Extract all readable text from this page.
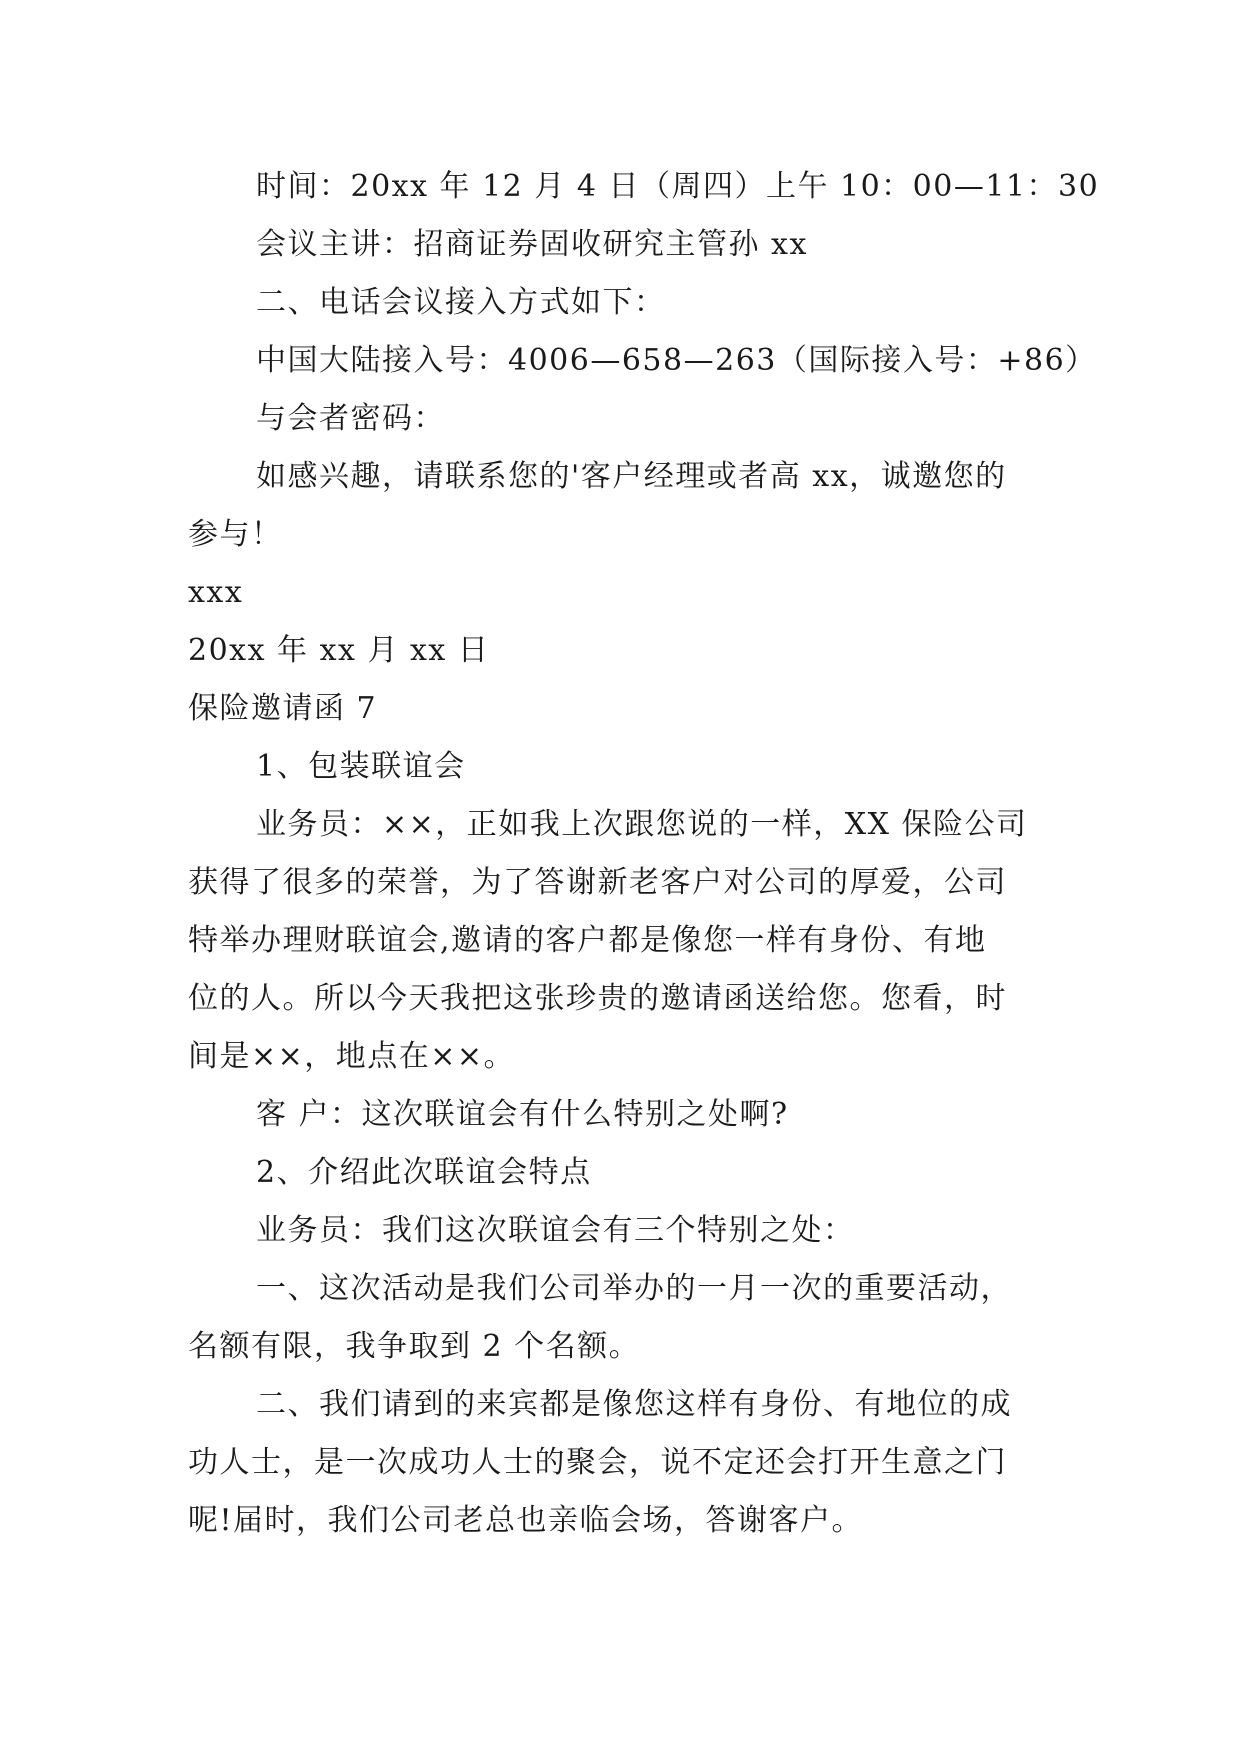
时间：20xx 年 12 月 4 日（周四）上午 10：00—11：30
会议主讲：招商证券固收研究主管孙 xx
二、电话会议接入方式如下：
中国大陆接入号：4006—658—263（国际接入号：+86）
与会者密码：
如感兴趣，请联系您的'客户经理或者高 xx，诚邀您的
参与！
xxx
20xx 年 xx 月 xx 日
保险邀请函 7
1、包装联谊会
业务员：××，正如我上次跟您说的一样，XX 保险公司
获得了很多的荣誉，为了答谢新老客户对公司的厚爱，公司
特举办理财联谊会,邀请的客户都是像您一样有身份、有地
位的人。所以今天我把这张珍贵的邀请函送给您。您看，时
间是××，地点在××。
客 户：这次联谊会有什么特别之处啊?
2、介绍此次联谊会特点
业务员：我们这次联谊会有三个特别之处：
一、这次活动是我们公司举办的一月一次的重要活动，
名额有限，我争取到 2 个名额。
二、我们请到的来宾都是像您这样有身份、有地位的成
功人士，是一次成功人士的聚会，说不定还会打开生意之门
呢!届时，我们公司老总也亲临会场，答谢客户。
